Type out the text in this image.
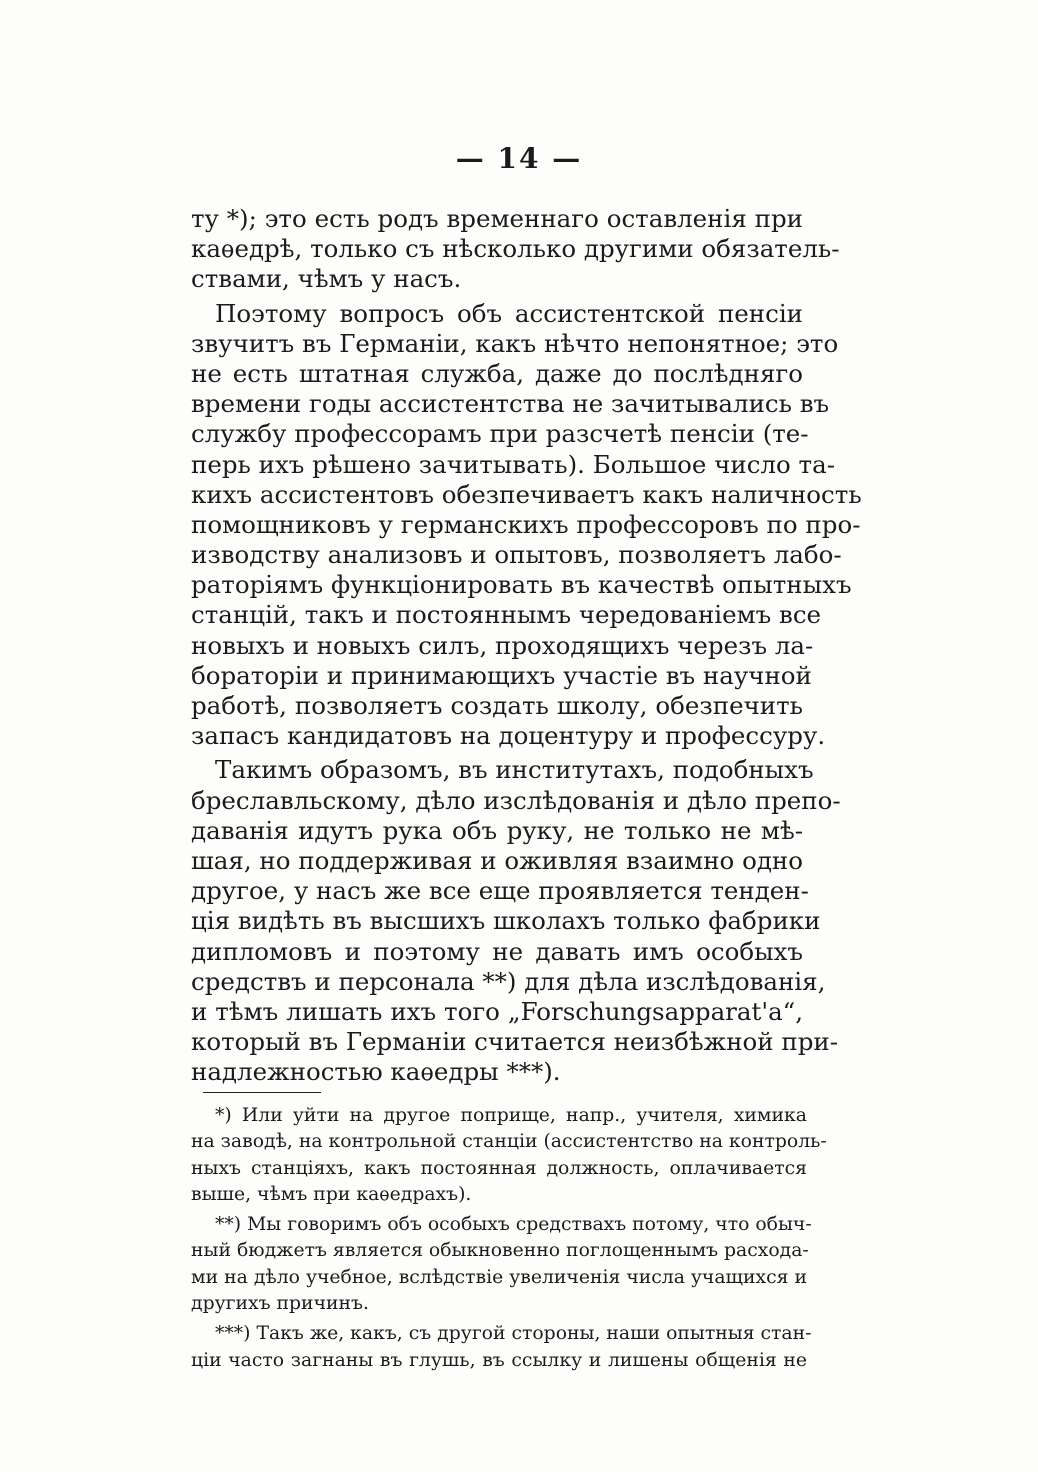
— 14 —
ту *); это есть родъ временнаго оставленія при
каѳедрѣ, только съ нѣсколько другими обязатель-
ствами, чѣмъ у насъ.
Поэтому вопросъ объ ассистентской пенсіи
звучитъ въ Германіи, какъ нѣчто непонятное; это
не есть штатная служба, даже до послѣдняго
времени годы ассистентства не зачитывались въ
службу профессорамъ при разсчетѣ пенсіи (те-
перь ихъ рѣшено зачитывать). Большое число та-
кихъ ассистентовъ обезпечиваетъ какъ наличность
помощниковъ у германскихъ профессоровъ по про-
изводству анализовъ и опытовъ, позволяетъ лабо-
раторіямъ функціонировать въ качествѣ опытныхъ
станцій, такъ и постояннымъ чередованіемъ все
новыхъ и новыхъ силъ, проходящихъ черезъ ла-
бораторіи и принимающихъ участіе въ научной
работѣ, позволяетъ создать школу, обезпечить
запасъ кандидатовъ на доцентуру и профессуру.
Такимъ образомъ, въ институтахъ, подобныхъ
бреславльскому, дѣло изслѣдованія и дѣло препо-
даванія идутъ рука объ руку, не только не мѣ-
шая, но поддерживая и оживляя взаимно одно
другое, у насъ же все еще проявляется тенден-
ція видѣть въ высшихъ школахъ только фабрики
дипломовъ и поэтому не давать имъ особыхъ
средствъ и персонала **) для дѣла изслѣдованія,
и тѣмъ лишать ихъ того „Forschungsapparat'a“,
который въ Германіи считается неизбѣжной при-
надлежностью каѳедры ***).
*) Или уйти на другое поприще, напр., учителя, химика
на заводѣ, на контрольной станціи (ассистентство на контроль-
ныхъ станціяхъ, какъ постоянная должность, оплачивается
выше, чѣмъ при каѳедрахъ).
**) Мы говоримъ объ особыхъ средствахъ потому, что обыч-
ный бюджетъ является обыкновенно поглощеннымъ расхода-
ми на дѣло учебное, вслѣдствіе увеличенія числа учащихся и
другихъ причинъ.
***) Такъ же, какъ, съ другой стороны, наши опытныя стан-
ціи часто загнаны въ глушь, въ ссылку и лишены общенія не
